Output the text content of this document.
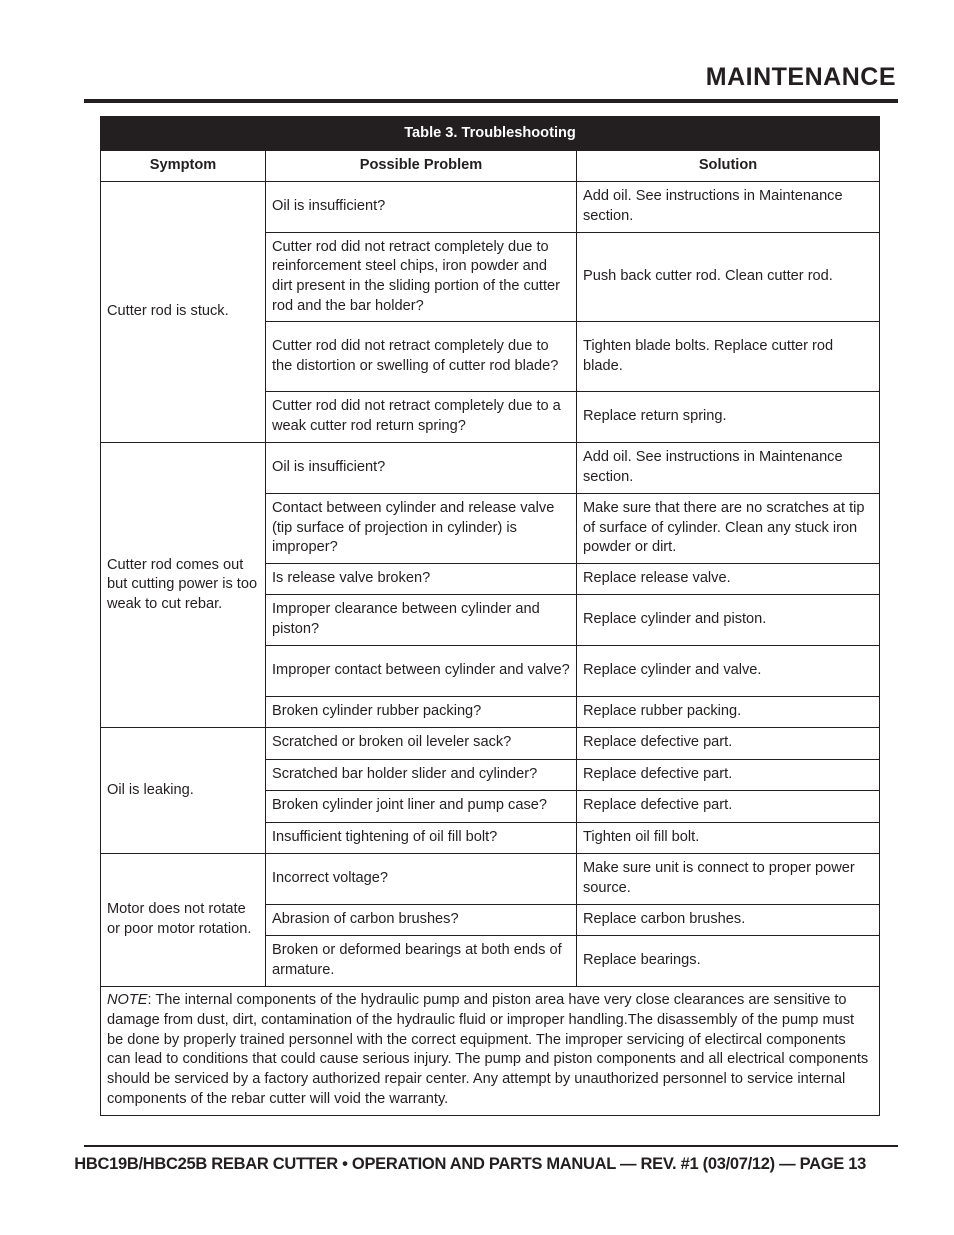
MAINTENANCE
Table 3. Troubleshooting		
Symptom	Possible Problem	Solution
Cutter rod is stuck.	Oil is insufficient?	Add oil. See instructions in Maintenance section.
	Cutter rod did not retract completely due to reinforcement steel chips, iron powder and dirt present in the sliding portion of the cutter rod and the bar holder?	Push back cutter rod. Clean cutter rod.
	Cutter rod did not retract completely due to the distortion or swelling of cutter rod blade?	Tighten blade bolts. Replace cutter rod blade.
	Cutter rod did not retract completely due to a weak cutter rod return spring?	Replace return spring.
Cutter rod comes out but cutting power is too weak to cut rebar.	Oil is insufficient?	Add oil. See instructions in Maintenance section.
	Contact between cylinder and release valve (tip surface of projection in cylinder) is improper?	Make sure that there are no scratches at tip of surface of cylinder. Clean any stuck iron powder or dirt.
	Is release valve broken?	Replace release valve.
	Improper clearance between cylinder and piston?	Replace cylinder and piston.
	Improper contact between cylinder and valve?	Replace cylinder and valve.
	Broken cylinder rubber packing?	Replace rubber packing.
Oil is leaking.	Scratched or broken oil leveler sack?	Replace defective part.
	Scratched bar holder slider and cylinder?	Replace defective part.
	Broken cylinder joint liner and pump case?	Replace defective part.
	Insufficient tightening of oil fill bolt?	Tighten oil fill bolt.
Motor does not rotate or poor motor rotation.	Incorrect voltage?	Make sure unit is connect to proper power source.
	Abrasion of carbon brushes?	Replace carbon brushes.
	Broken or deformed bearings at both ends of armature.	Replace bearings.
NOTE: The internal components of the hydraulic pump and piston area have very close clearances are sensitive to damage from dust, dirt, contamination of the hydraulic fluid or improper handling.The disassembly of the pump must be done by properly trained personnel with the correct equipment. The improper servicing of electircal components can lead to conditions that could cause serious injury. The pump and piston components and all electrical components should be serviced by a factory authorized repair center. Any attempt by unauthorized personnel to service internal components of the rebar cutter will void the warranty.		
HBC19B/HBC25B REBAR CUTTER • OPERATION AND PARTS MANUAL — REV. #1 (03/07/12) — PAGE 13
